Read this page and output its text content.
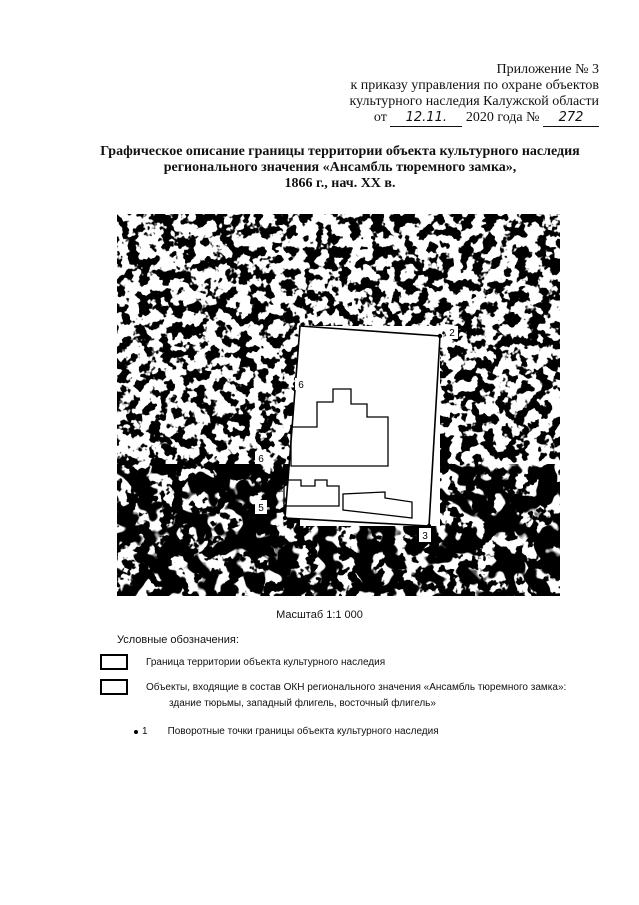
Приложение № 3
к приказу управления по охране объектов
культурного наследия Калужской области
от 12.11. 2020 года № 272
Графическое описание границы территории объекта культурного наследия
регионального значения «Ансамбль тюремного замка»,
1866 г., нач. XX в.
2
3
5
6
6
Масштаб 1:1 000
Условные обозначения:
Граница территории объекта культурного наследия
Объекты, входящие в состав ОКН регионального значения «Ансамбль тюремного замка»:
здание тюрьмы, западный флигель, восточный флигель»
1 Поворотные точки границы объекта культурного наследия
